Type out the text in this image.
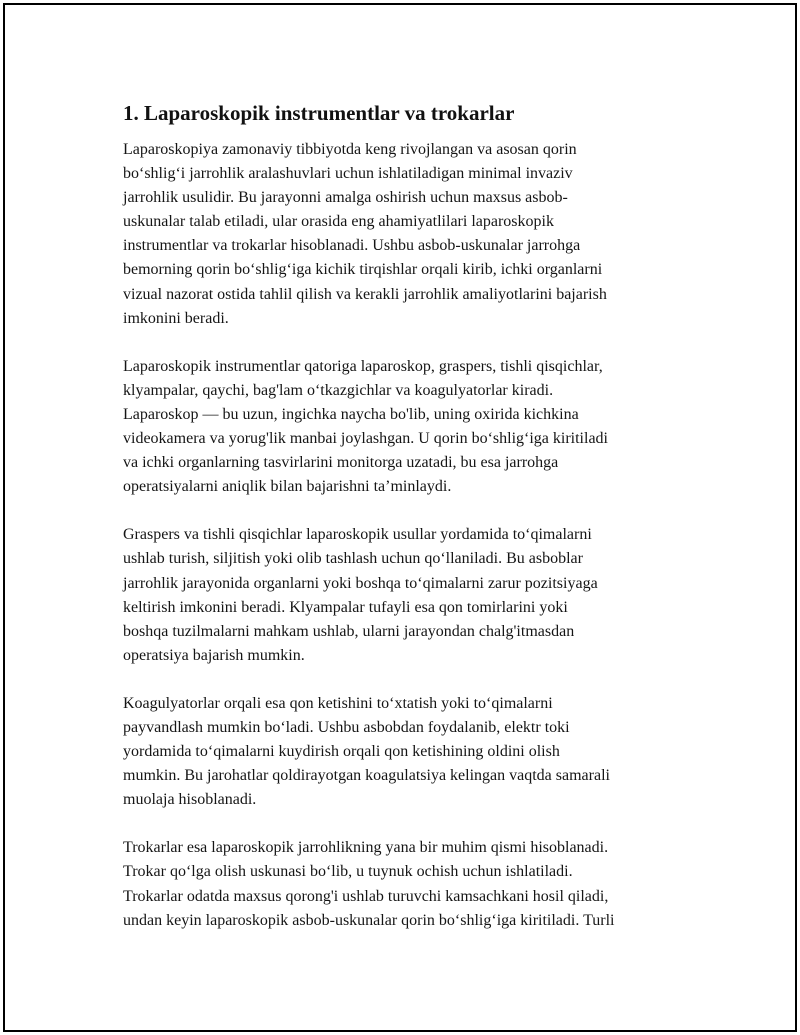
1. Laparoskopik instrumentlar va trokarlar

Laparoskopiya zamonaviy tibbiyotda keng rivojlangan va asosan qorin
bo‘shlig‘i jarrohlik aralashuvlari uchun ishlatiladigan minimal invaziv
jarrohlik usulidir. Bu jarayonni amalga oshirish uchun maxsus asbob-
uskunalar talab etiladi, ular orasida eng ahamiyatlilari laparoskopik
instrumentlar va trokarlar hisoblanadi. Ushbu asbob-uskunalar jarrohga
bemorning qorin bo‘shlig‘iga kichik tirqishlar orqali kirib, ichki organlarni
vizual nazorat ostida tahlil qilish va kerakli jarrohlik amaliyotlarini bajarish
imkonini beradi.

Laparoskopik instrumentlar qatoriga laparoskop, graspers, tishli qisqichlar,
klyampalar, qaychi, bag'lam o‘tkazgichlar va koagulyatorlar kiradi.
Laparoskop — bu uzun, ingichka naycha bo'lib, uning oxirida kichkina
videokamera va yorug'lik manbai joylashgan. U qorin bo‘shlig‘iga kiritiladi
va ichki organlarning tasvirlarini monitorga uzatadi, bu esa jarrohga
operatsiyalarni aniqlik bilan bajarishni ta’minlaydi.

Graspers va tishli qisqichlar laparoskopik usullar yordamida to‘qimalarni
ushlab turish, siljitish yoki olib tashlash uchun qo‘llaniladi. Bu asboblar
jarrohlik jarayonida organlarni yoki boshqa to‘qimalarni zarur pozitsiyaga
keltirish imkonini beradi. Klyampalar tufayli esa qon tomirlarini yoki
boshqa tuzilmalarni mahkam ushlab, ularni jarayondan chalg'itmasdan
operatsiya bajarish mumkin.

Koagulyatorlar orqali esa qon ketishini to‘xtatish yoki to‘qimalarni
payvandlash mumkin bo‘ladi. Ushbu asbobdan foydalanib, elektr toki
yordamida to‘qimalarni kuydirish orqali qon ketishining oldini olish
mumkin. Bu jarohatlar qoldirayotgan koagulatsiya kelingan vaqtda samarali
muolaja hisoblanadi.

Trokarlar esa laparoskopik jarrohlikning yana bir muhim qismi hisoblanadi.
Trokar qo‘lga olish uskunasi bo‘lib, u tuynuk ochish uchun ishlatiladi.
Trokarlar odatda maxsus qorong'i ushlab turuvchi kamsachkani hosil qiladi,
undan keyin laparoskopik asbob-uskunalar qorin bo‘shlig‘iga kiritiladi. Turli
